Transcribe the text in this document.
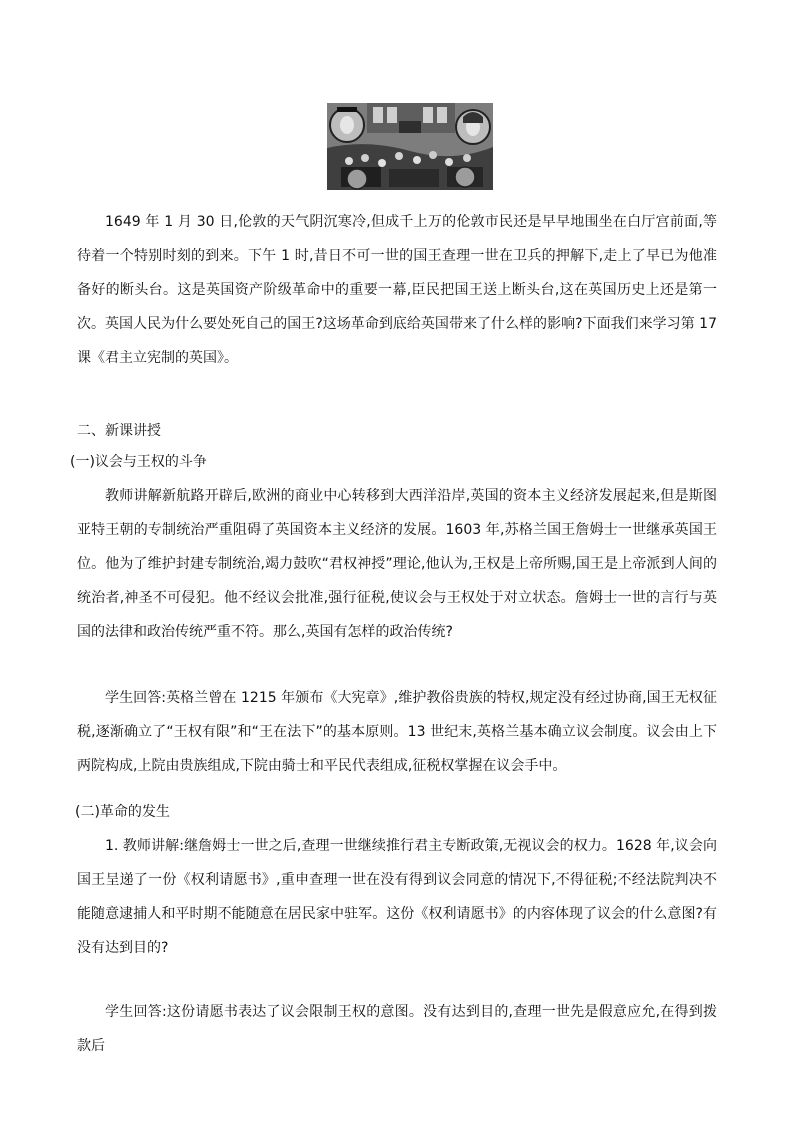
1649 年 1 月 30 日,伦敦的天气阴沉寒冷,但成千上万的伦敦市民还是早早地围坐在白厅宫前面,等待着一个特别时刻的到来。下午 1 时,昔日不可一世的国王查理一世在卫兵的押解下,走上了早已为他准备好的断头台。这是英国资产阶级革命中的重要一幕,臣民把国王送上断头台,这在英国历史上还是第一次。英国人民为什么要处死自己的国王?这场革命到底给英国带来了什么样的影响?下面我们来学习第 17 课《君主立宪制的英国》。

二、新课讲授

(一)议会与王权的斗争

教师讲解新航路开辟后,欧洲的商业中心转移到大西洋沿岸,英国的资本主义经济发展起来,但是斯图亚特王朝的专制统治严重阻碍了英国资本主义经济的发展。1603 年,苏格兰国王詹姆士一世继承英国王位。他为了维护封建专制统治,竭力鼓吹“君权神授”理论,他认为,王权是上帝所赐,国王是上帝派到人间的统治者,神圣不可侵犯。他不经议会批准,强行征税,使议会与王权处于对立状态。詹姆士一世的言行与英国的法律和政治传统严重不符。那么,英国有怎样的政治传统?

学生回答:英格兰曾在 1215 年颁布《大宪章》,维护教俗贵族的特权,规定没有经过协商,国王无权征税,逐渐确立了“王权有限”和“王在法下”的基本原则。13 世纪末,英格兰基本确立议会制度。议会由上下两院构成,上院由贵族组成,下院由骑士和平民代表组成,征税权掌握在议会手中。

(二)革命的发生

1. 教师讲解:继詹姆士一世之后,查理一世继续推行君主专断政策,无视议会的权力。1628 年,议会向国王呈递了一份《权利请愿书》,重申查理一世在没有得到议会同意的情况下,不得征税;不经法院判决不能随意逮捕人和平时期不能随意在居民家中驻军。这份《权利请愿书》的内容体现了议会的什么意图?有没有达到目的?

学生回答:这份请愿书表达了议会限制王权的意图。没有达到目的,查理一世先是假意应允,在得到拨款后
